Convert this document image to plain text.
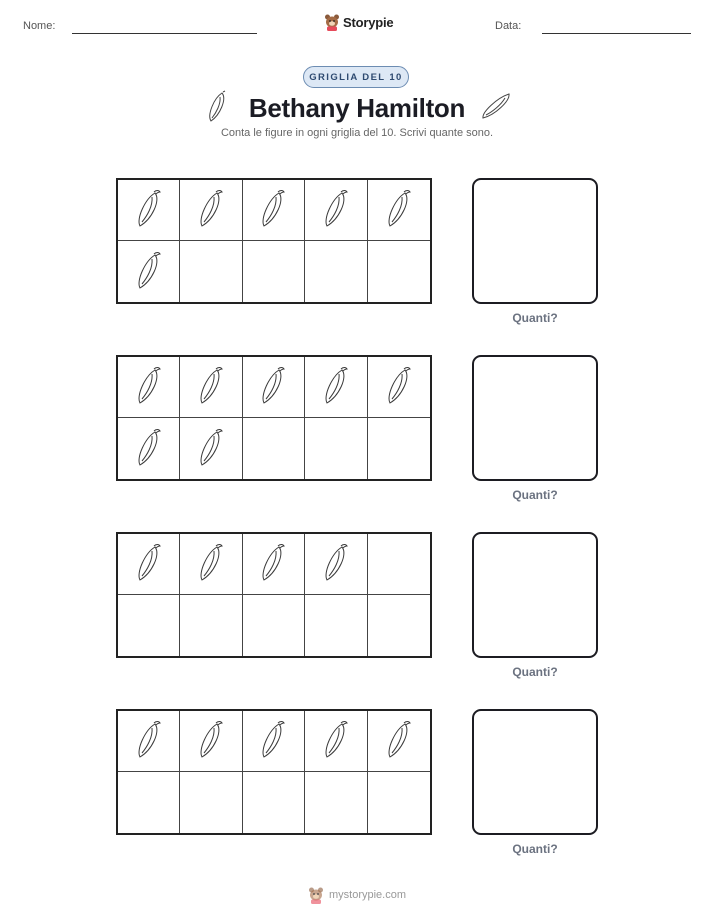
Nome:	Data:
Storypie
GRIGLIA DEL 10
Bethany Hamilton
Conta le figure in ogni griglia del 10. Scrivi quante sono.
Quanti?
Quanti?
Quanti?
Quanti?
mystorypie.com
